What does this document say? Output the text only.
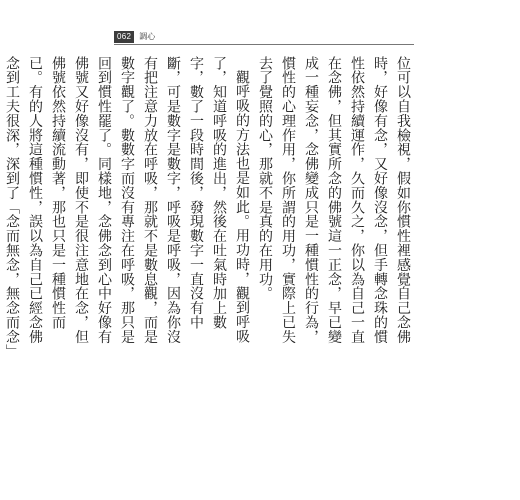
062	調心

位可以自我檢視，假如你慣性裡感覺自己念佛時，好像有念，又好像沒念，但手轉念珠的慣性依然持續運作，久而久之，你以為自己一直在念佛，但其實所念的佛號這一正念，早已變成一種妄念，念佛變成只是一種慣性的行為，慣性的心理作用，你所謂的用功，實際上已失去了覺照的心，那就不是真的在用功。

觀呼吸的方法也是如此。用功時，觀到呼吸了，知道呼吸的進出，然後在吐氣時加上數字，數了一段時間後，發現數字一直沒有中斷，可是數字是數字，呼吸是呼吸，因為你沒有把注意力放在呼吸，那就不是數息觀，而是數字觀了。數數字而沒有專注在呼吸，那只是回到慣性罷了。同樣地，念佛念到心中好像有佛號又好像沒有，即使不是很注意地在念，但佛號依然持續流動著，那也只是一種慣性而已。有的人將這種慣性，誤以為自己已經念佛念到工夫很深，深到了「念而無念，無念而念」
